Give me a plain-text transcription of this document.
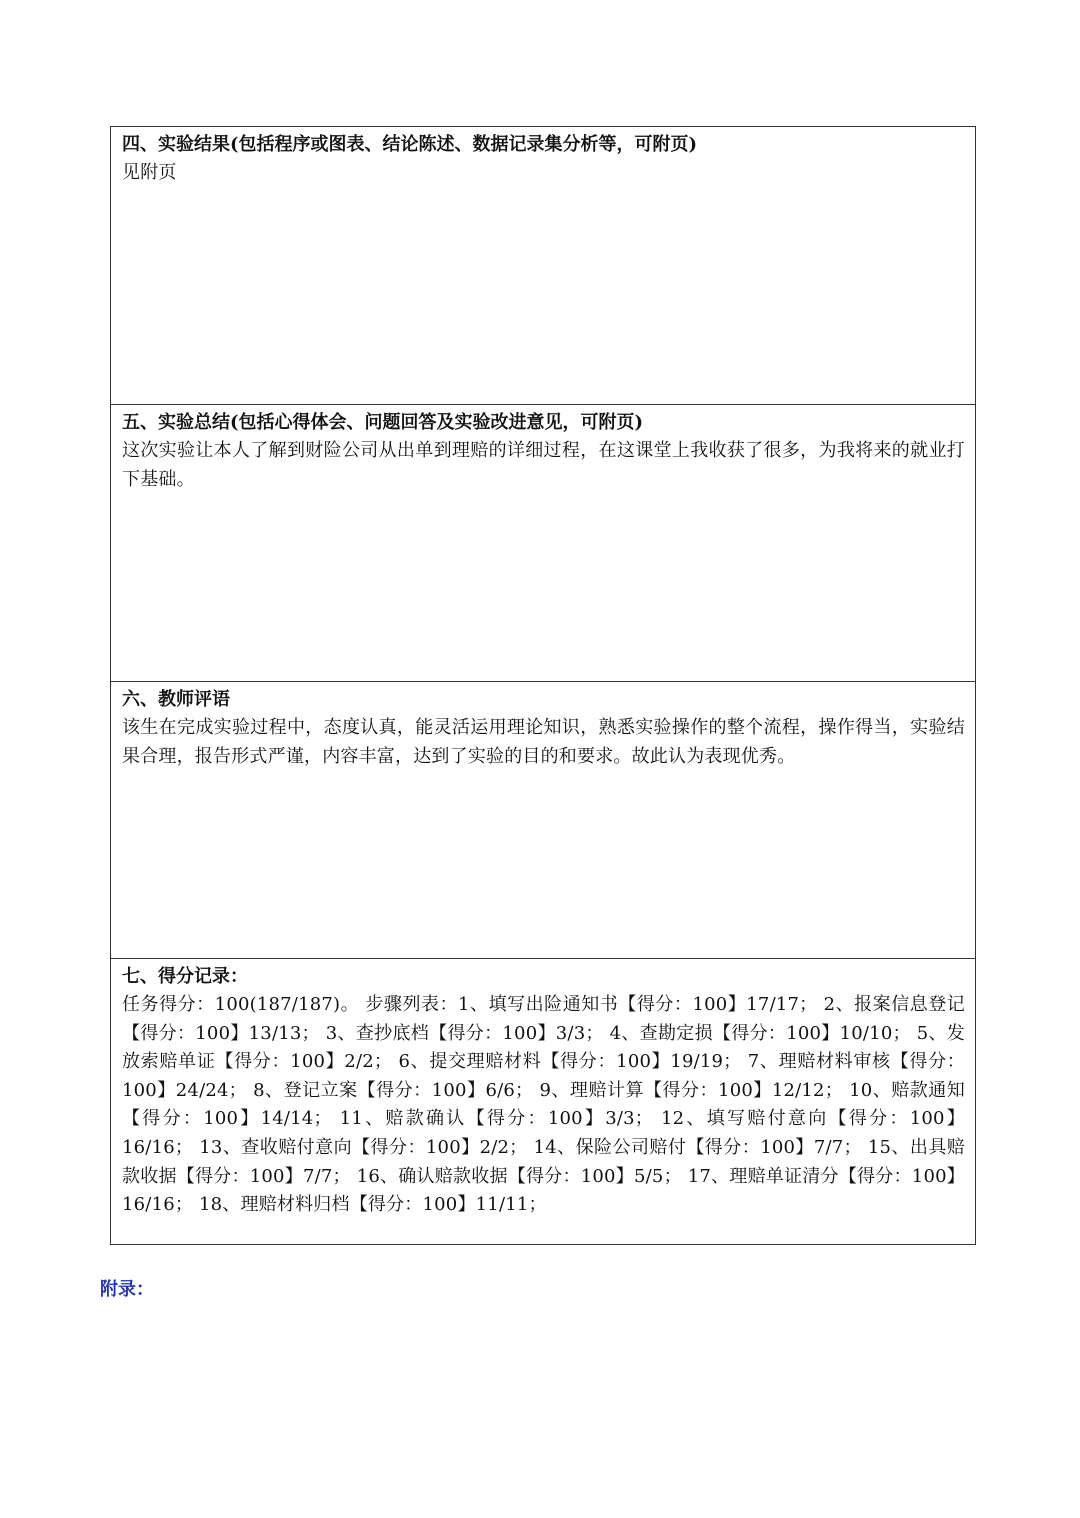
四、实验结果(包括程序或图表、结论陈述、数据记录集分析等，可附页)

见附页

五、实验总结(包括心得体会、问题回答及实验改进意见，可附页)

这次实验让本人了解到财险公司从出单到理赔的详细过程，在这课堂上我收获了很多，为我将来的就业打下基础。

六、教师评语

该生在完成实验过程中，态度认真，能灵活运用理论知识，熟悉实验操作的整个流程，操作得当，实验结果合理，报告形式严谨，内容丰富，达到了实验的目的和要求。故此认为表现优秀。

七、得分记录：

任务得分：100(187/187)。 步骤列表：1、填写出险通知书【得分：100】17/17； 2、报案信息登记【得分：100】13/13； 3、查抄底档【得分：100】3/3； 4、查勘定损【得分：100】10/10； 5、发放索赔单证【得分：100】2/2； 6、提交理赔材料【得分：100】19/19； 7、理赔材料审核【得分：100】24/24； 8、登记立案【得分：100】6/6； 9、理赔计算【得分：100】12/12； 10、赔款通知【得分：100】14/14； 11、赔款确认【得分：100】3/3； 12、填写赔付意向【得分：100】16/16； 13、查收赔付意向【得分：100】2/2； 14、保险公司赔付【得分：100】7/7； 15、出具赔款收据【得分：100】7/7； 16、确认赔款收据【得分：100】5/5； 17、理赔单证清分【得分：100】16/16； 18、理赔材料归档【得分：100】11/11；

附录：
